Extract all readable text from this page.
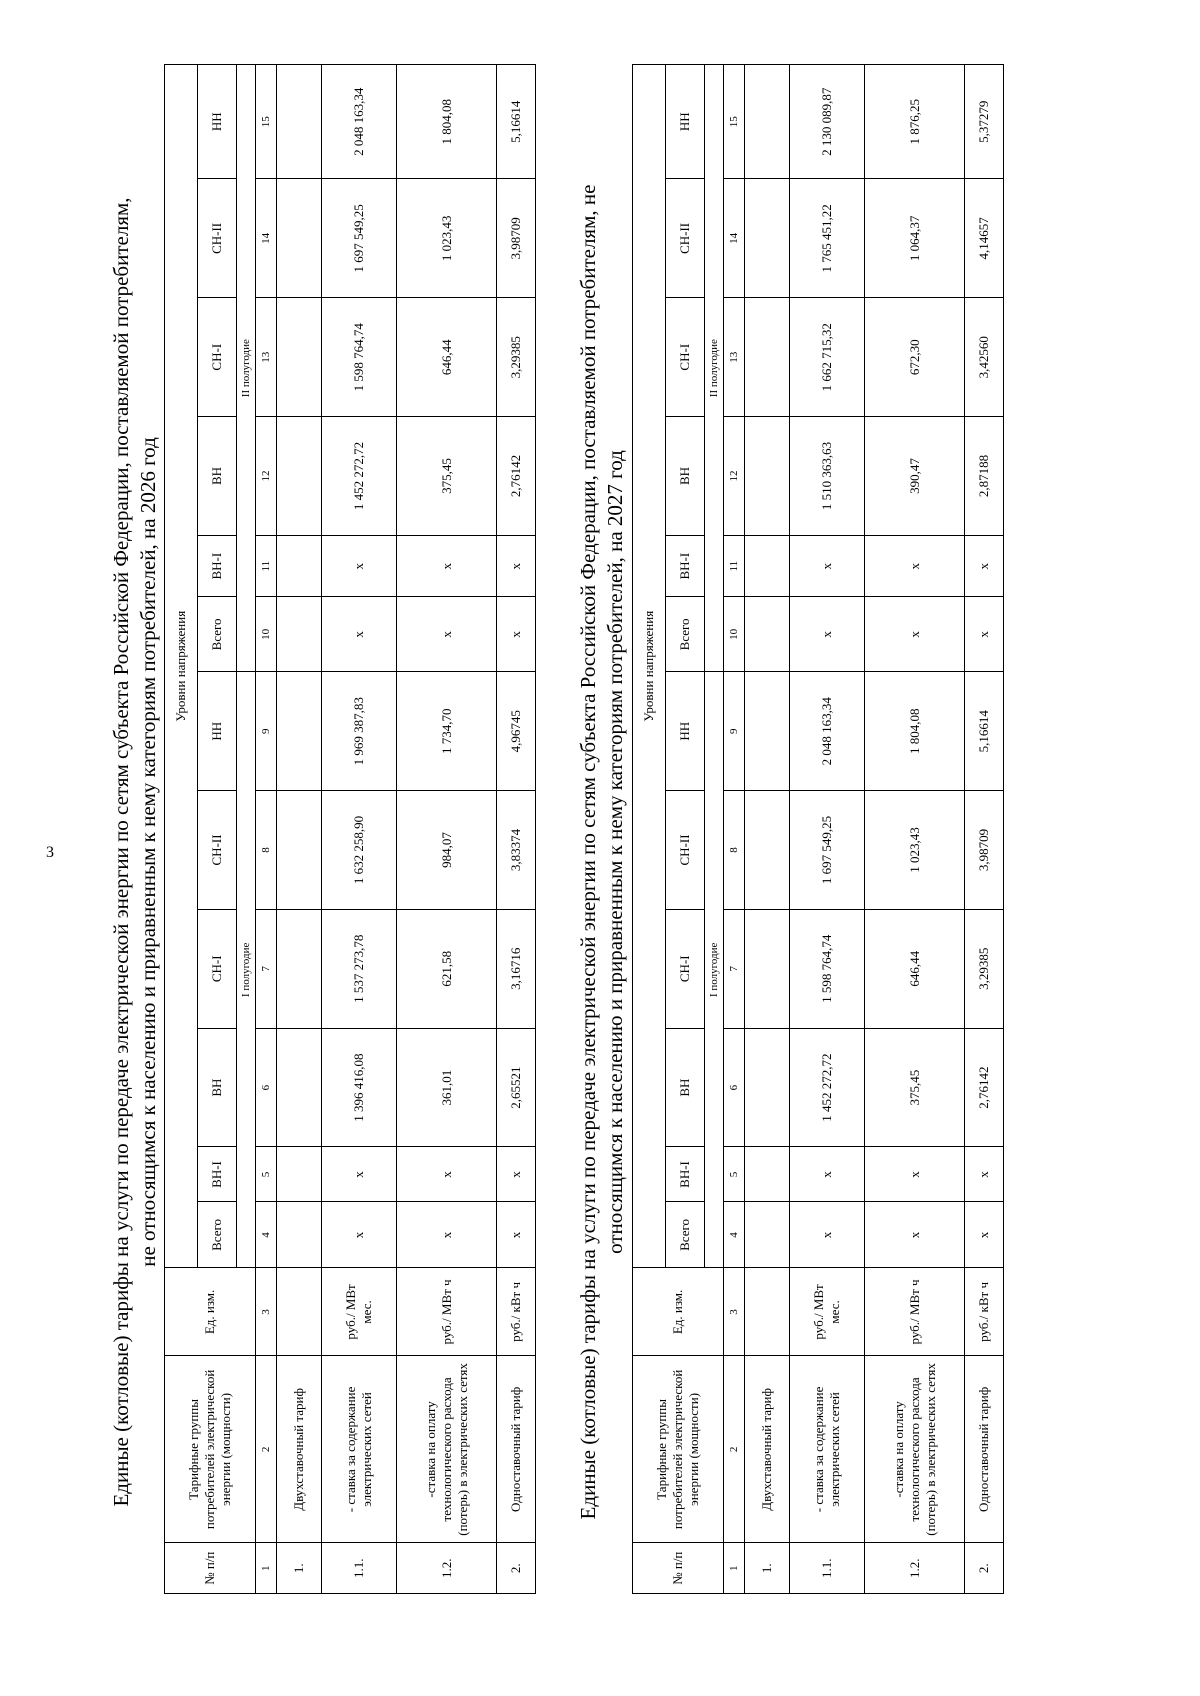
3	Единые (котловые) тарифы на услуги по передаче электрической энергии по сетям субъекта Российской Федерации, поставляемой потребителям, не относящимся к населению и приравненным к нему категориям потребителей, на 2026 год
№ п/п	Тарифные группы потребителей электрической энергии (мощности)	Ед. изм.	Уровни напряжения											
			Всего	ВН-I	ВН	СН-I	СН-II	НН	Всего	ВН-I	ВН	СН-I	СН-II	НН
			I полугодие						II полугодие					
1	2	3	4	5	6	7	8	9	10	11	12	13	14	15
1.	Двухставочный тариф													
1.1.	- ставка за содержание электрических сетей	руб./ МВт мес.	х	х	1 396 416,08	1 537 273,78	1 632 258,90	1 969 387,83	х	х	1 452 272,72	1 598 764,74	1 697 549,25	2 048 163,34
1.2.	-ставка на оплату технологического расхода (потерь) в электрических сетях	руб./ МВт ч	х	х	361,01	621,58	984,07	1 734,70	х	х	375,45	646,44	1 023,43	1 804,08
2.	Одноставочный тариф	руб./ кВт ч	х	х	2,65521	3,16716	3,83374	4,96745	х	х	2,76142	3,29385	3,98709	5,16614
Единые (котловые) тарифы на услуги по передаче электрической энергии по сетям субъекта Российской Федерации, поставляемой потребителям, не относящимся к населению и приравненным к нему категориям потребителей, на 2027 год
№ п/п	Тарифные группы потребителей электрической энергии (мощности)	Ед. изм.	Уровни напряжения											
			Всего	ВН-I	ВН	СН-I	СН-II	НН	Всего	ВН-I	ВН	СН-I	СН-II	НН
			I полугодие						II полугодие					
1	2	3	4	5	6	7	8	9	10	11	12	13	14	15
1.	Двухставочный тариф													
1.1.	- ставка за содержание электрических сетей	руб./ МВт мес.	х	х	1 452 272,72	1 598 764,74	1 697 549,25	2 048 163,34	х	х	1 510 363,63	1 662 715,32	1 765 451,22	2 130 089,87
1.2.	-ставка на оплату технологического расхода (потерь) в электрических сетях	руб./ МВт ч	х	х	375,45	646,44	1 023,43	1 804,08	х	х	390,47	672,30	1 064,37	1 876,25
2.	Одноставочный тариф	руб./ кВт ч	х	х	2,76142	3,29385	3,98709	5,16614	х	х	2,87188	3,42560	4,14657	5,37279
